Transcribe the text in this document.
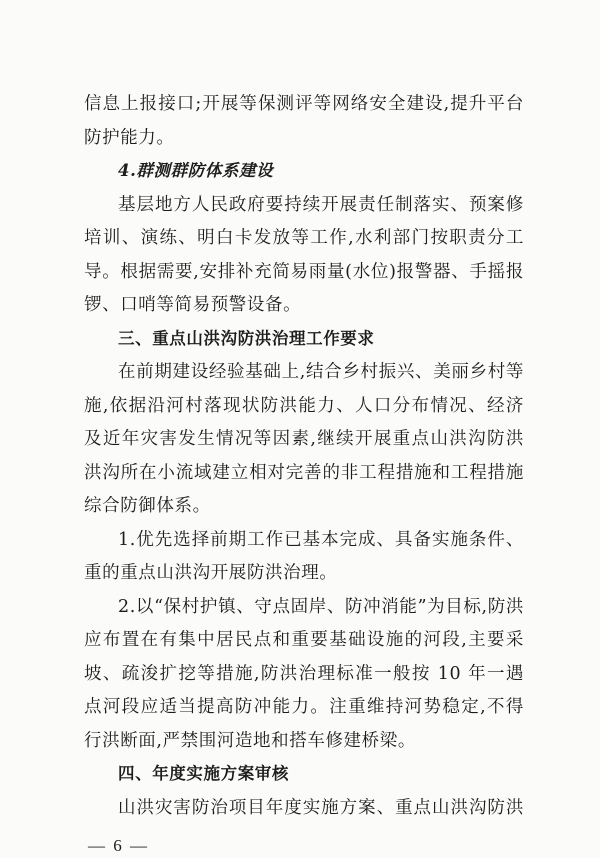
信息上报接口;开展等保测评等网络安全建设,提升平台
防护能力。
4.群测群防体系建设
基层地方人民政府要持续开展责任制落实、预案修
培训、演练、明白卡发放等工作,水利部门按职责分工
导。根据需要,安排补充简易雨量(水位)报警器、手摇报
锣、口哨等简易预警设备。
三、重点山洪沟防洪治理工作要求
在前期建设经验基础上,结合乡村振兴、美丽乡村等
施,依据沿河村落现状防洪能力、人口分布情况、经济
及近年灾害发生情况等因素,继续开展重点山洪沟防洪
洪沟所在小流域建立相对完善的非工程措施和工程措施
综合防御体系。
1.优先选择前期工作已基本完成、具备实施条件、
重的重点山洪沟开展防洪治理。
2.以“保村护镇、守点固岸、防冲消能”为目标,防洪
应布置在有集中居民点和重要基础设施的河段,主要采
坡、疏浚扩挖等措施,防洪治理标准一般按 10 年一遇
点河段应适当提高防冲能力。注重维持河势稳定,不得
行洪断面,严禁围河造地和搭车修建桥梁。
四、年度实施方案审核
山洪灾害防治项目年度实施方案、重点山洪沟防洪
— 6 —
